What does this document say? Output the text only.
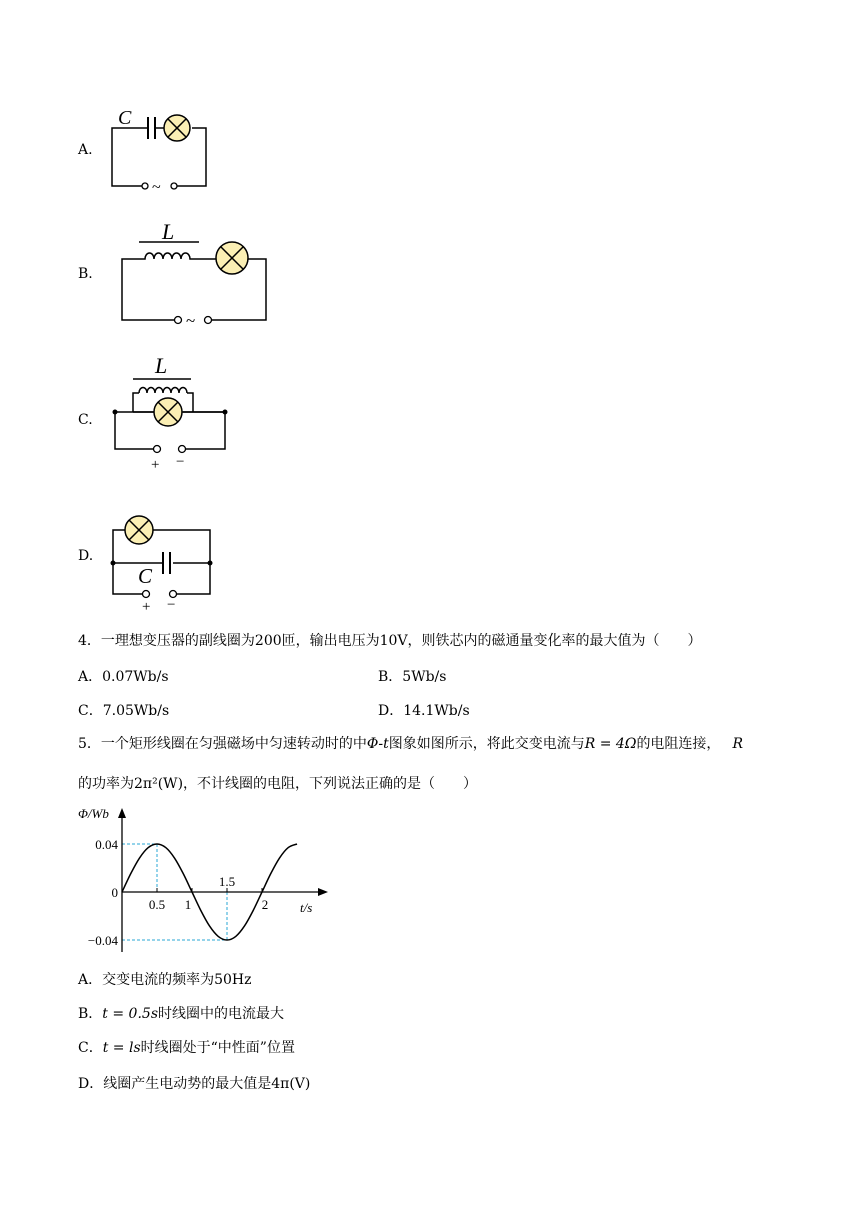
A.
C
~
B.
L
~
C.
L
+ −
D.
C
+ −
4．一理想变压器的副线圈为200匝，输出电压为10V，则铁芯内的磁通量变化率的最大值为（　　）
A．0.07Wb/s	B．5Wb/s
C．7.05Wb/s	D．14.1Wb/s
5．一个矩形线圈在匀强磁场中匀速转动时的中Φ-t图象如图所示，将此交变电流与R = 4Ω的电阻连接， R
的功率为2π²(W)，不计线圈的电阻，下列说法正确的是（　　）
0.04
0
−0.04
0.5 1
1.5
2
Φ/Wb
t/s
A．交变电流的频率为50Hz
B．t = 0.5s时线圈中的电流最大
C．t = ls时线圈处于“中性面”位置
D．线圈产生电动势的最大值是4π(V)
